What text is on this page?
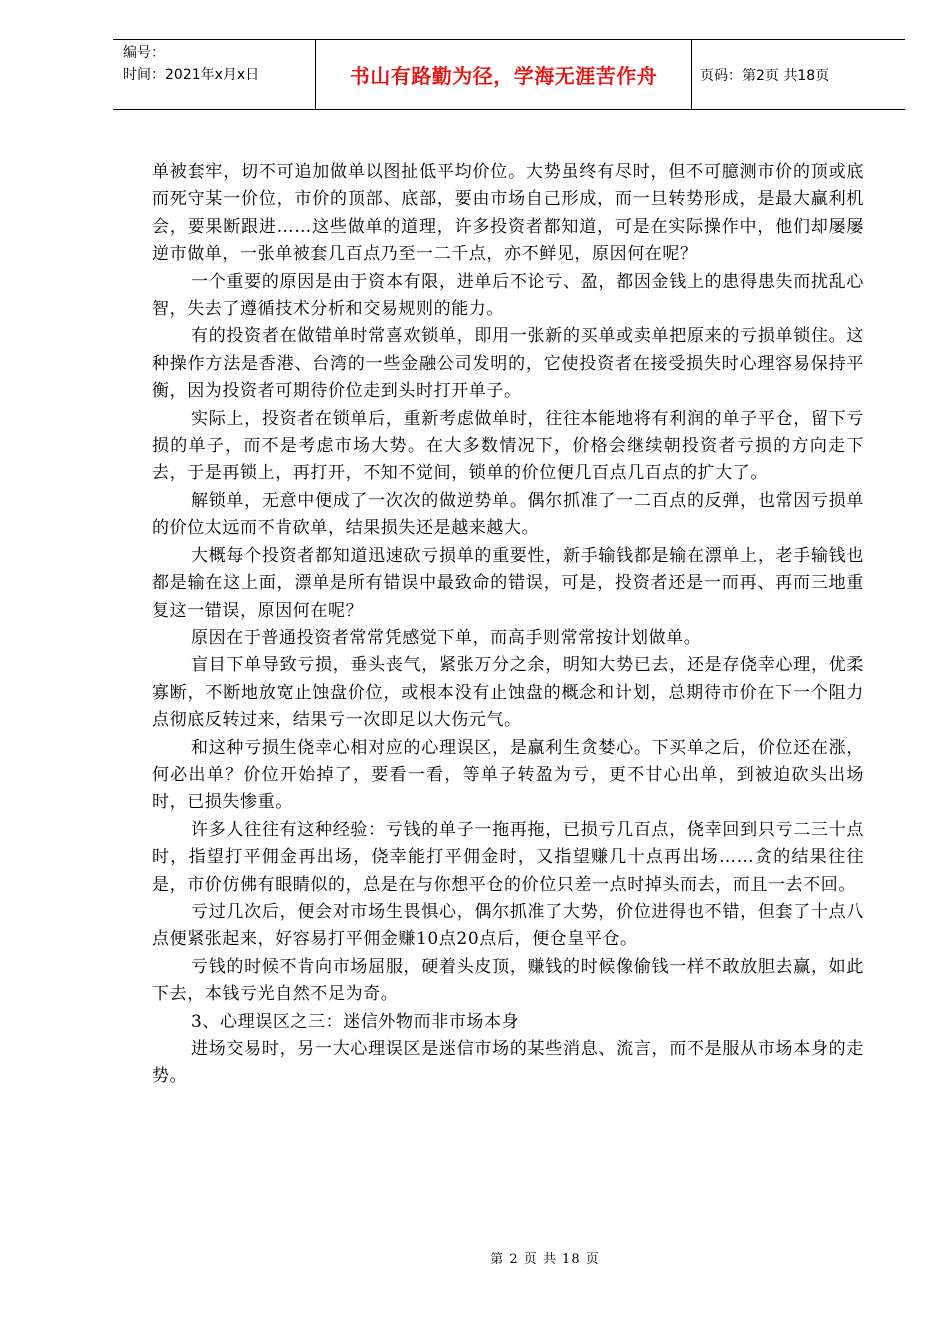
编号：
时间：2021年x月x日	书山有路勤为径，学海无涯苦作舟	页码：第2页 共18页

单被套牢，切不可追加做单以图扯低平均价位。大势虽终有尽时，但不可臆测市价的顶或底而死守某一价位，市价的顶部、底部，要由市场自己形成，而一旦转势形成，是最大赢利机会，要果断跟进……这些做单的道理，许多投资者都知道，可是在实际操作中，他们却屡屡逆市做单，一张单被套几百点乃至一二千点，亦不鲜见，原因何在呢？

一个重要的原因是由于资本有限，进单后不论亏、盈，都因金钱上的患得患失而扰乱心智，失去了遵循技术分析和交易规则的能力。

有的投资者在做错单时常喜欢锁单，即用一张新的买单或卖单把原来的亏损单锁住。这种操作方法是香港、台湾的一些金融公司发明的，它使投资者在接受损失时心理容易保持平衡，因为投资者可期待价位走到头时打开单子。

实际上，投资者在锁单后，重新考虑做单时，往往本能地将有利润的单子平仓，留下亏损的单子，而不是考虑市场大势。在大多数情况下，价格会继续朝投资者亏损的方向走下去，于是再锁上，再打开，不知不觉间，锁单的价位便几百点几百点的扩大了。

解锁单，无意中便成了一次次的做逆势单。偶尔抓准了一二百点的反弹，也常因亏损单的价位太远而不肯砍单，结果损失还是越来越大。

大概每个投资者都知道迅速砍亏损单的重要性，新手输钱都是输在漂单上，老手输钱也都是输在这上面，漂单是所有错误中最致命的错误，可是，投资者还是一而再、再而三地重复这一错误，原因何在呢？

原因在于普通投资者常常凭感觉下单，而高手则常常按计划做单。

盲目下单导致亏损，垂头丧气，紧张万分之余，明知大势已去，还是存侥幸心理，优柔寡断，不断地放宽止蚀盘价位，或根本没有止蚀盘的概念和计划，总期待市价在下一个阻力点彻底反转过来，结果亏一次即足以大伤元气。

和这种亏损生侥幸心相对应的心理误区，是赢利生贪婪心。下买单之后，价位还在涨，何必出单？价位开始掉了，要看一看，等单子转盈为亏，更不甘心出单，到被迫砍头出场时，已损失惨重。

许多人往往有这种经验：亏钱的单子一拖再拖，已损亏几百点，侥幸回到只亏二三十点时，指望打平佣金再出场，侥幸能打平佣金时，又指望赚几十点再出场……贪的结果往往是，市价仿佛有眼睛似的，总是在与你想平仓的价位只差一点时掉头而去，而且一去不回。

亏过几次后，便会对市场生畏惧心，偶尔抓准了大势，价位进得也不错，但套了十点八点便紧张起来，好容易打平佣金赚10点20点后，便仓皇平仓。

亏钱的时候不肯向市场屈服，硬着头皮顶，赚钱的时候像偷钱一样不敢放胆去赢，如此下去，本钱亏光自然不足为奇。

3、心理误区之三：迷信外物而非市场本身

进场交易时，另一大心理误区是迷信市场的某些消息、流言，而不是服从市场本身的走势。

第 2 页 共 18 页
